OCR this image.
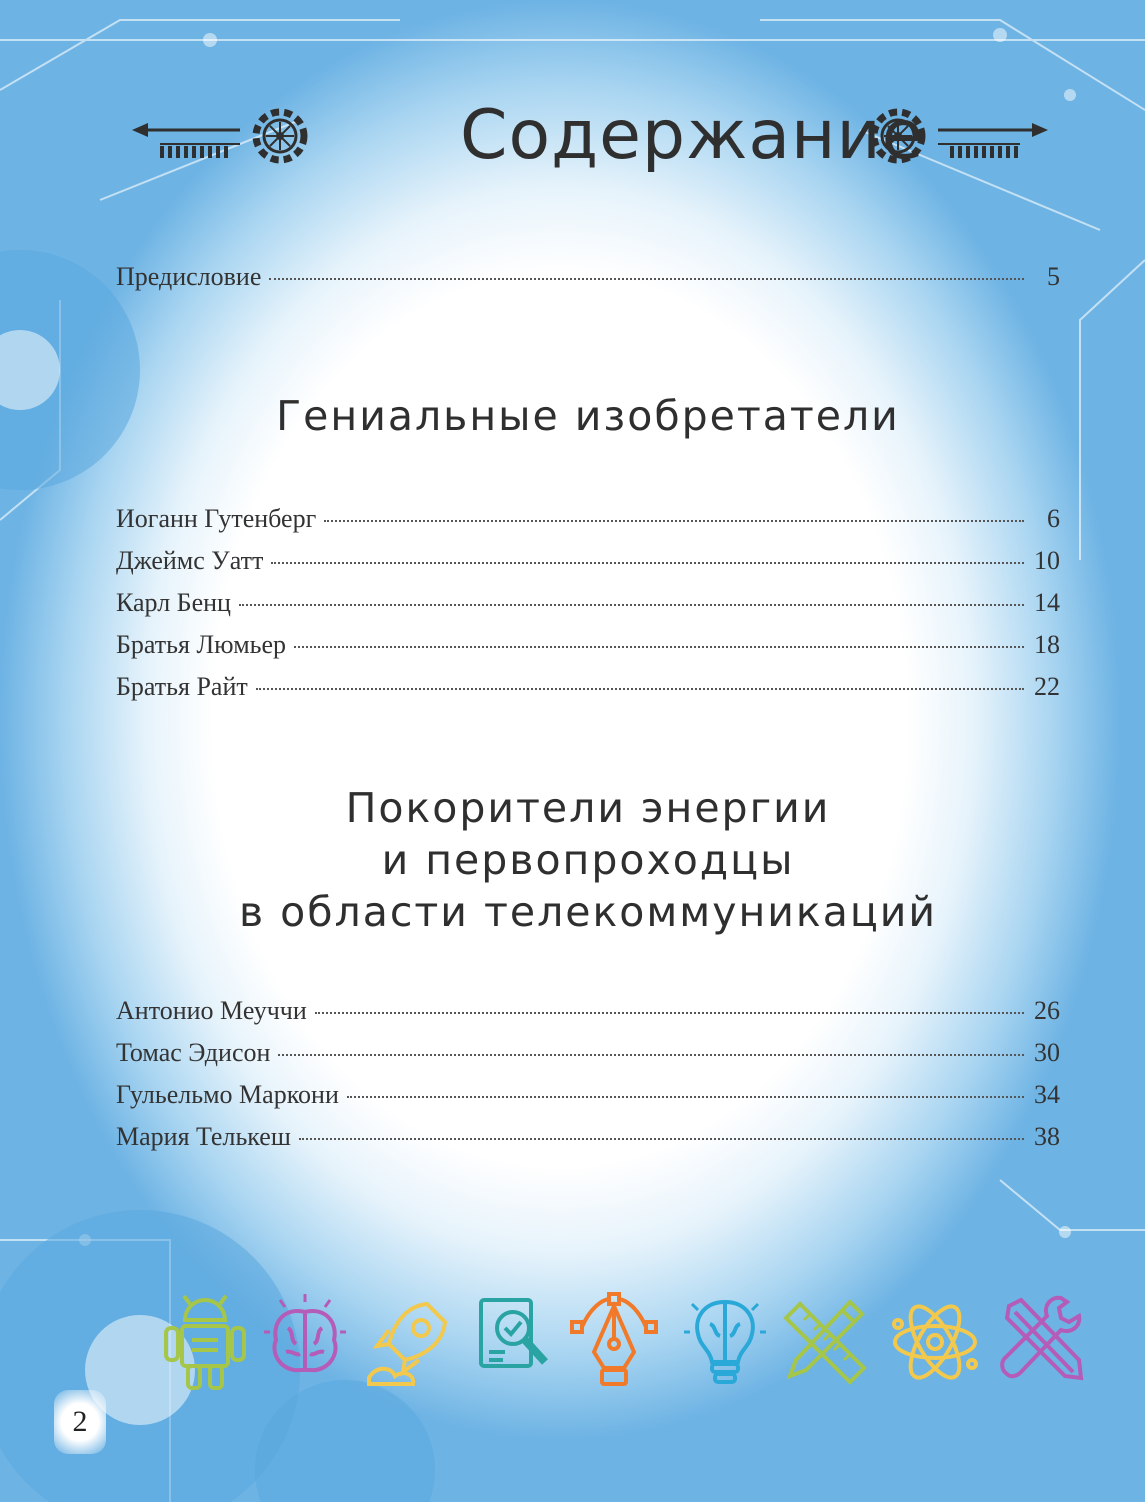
Содержание
Предисловие	5
Гениальные изобретатели
Иоганн Гутенберг	6
Джеймс Уатт	10
Карл Бенц	14
Братья Люмьер	18
Братья Райт	22
Покорители энергии
и первопроходцы
в области телекоммуникаций
Антонио Меуччи	26
Томас Эдисон	30
Гульельмо Маркони	34
Мария Телькеш	38
2
